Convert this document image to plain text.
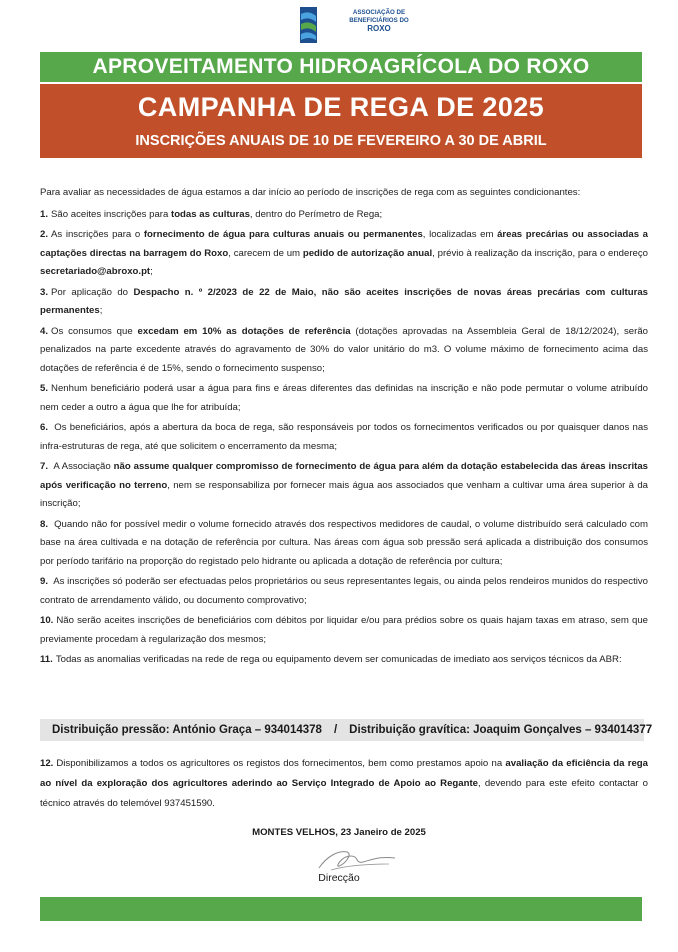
ASSOCIAÇÃO DE
BENEFICIÁRIOS DO
ROXO
APROVEITAMENTO HIDROAGRÍCOLA DO ROXO
CAMPANHA DE REGA DE 2025
INSCRIÇÕES ANUAIS DE 10 DE FEVEREIRO A 30 DE ABRIL

Para avaliar as necessidades de água estamos a dar início ao período de inscrições de rega com as seguintes condicionantes:

1. São aceites inscrições para todas as culturas, dentro do Perímetro de Rega;

2. As inscrições para o fornecimento de água para culturas anuais ou permanentes, localizadas em áreas precárias ou associadas a captações directas na barragem do Roxo, carecem de um pedido de autorização anual, prévio à realização da inscrição, para o endereço secretariado@abroxo.pt;

3. Por aplicação do Despacho n. º 2/2023 de 22 de Maio, não são aceites inscrições de novas áreas precárias com culturas permanentes;

4. Os consumos que excedam em 10% as dotações de referência (dotações aprovadas na Assembleia Geral de 18/12/2024), serão penalizados na parte excedente através do agravamento de 30% do valor unitário do m3. O volume máximo de fornecimento acima das dotações de referência é de 15%, sendo o fornecimento suspenso;

5. Nenhum beneficiário poderá usar a água para fins e áreas diferentes das definidas na inscrição e não pode permutar o volume atribuído nem ceder a outro a água que lhe for atribuída;

6. Os beneficiários, após a abertura da boca de rega, são responsáveis por todos os fornecimentos verificados ou por quaisquer danos nas infra-estruturas de rega, até que solicitem o encerramento da mesma;

7. A Associação não assume qualquer compromisso de fornecimento de água para além da dotação estabelecida das áreas inscritas após verificação no terreno, nem se responsabiliza por fornecer mais água aos associados que venham a cultivar uma área superior à da inscrição;

8. Quando não for possível medir o volume fornecido através dos respectivos medidores de caudal, o volume distribuído será calculado com base na área cultivada e na dotação de referência por cultura. Nas áreas com água sob pressão será aplicada a distribuição dos consumos por período tarifário na proporção do registado pelo hidrante ou aplicada a dotação de referência por cultura;

9. As inscrições só poderão ser efectuadas pelos proprietários ou seus representantes legais, ou ainda pelos rendeiros munidos do respectivo contrato de arrendamento válido, ou documento comprovativo;

10. Não serão aceites inscrições de beneficiários com débitos por liquidar e/ou para prédios sobre os quais hajam taxas em atraso, sem que previamente procedam à regularização dos mesmos;

11. Todas as anomalias verificadas na rede de rega ou equipamento devem ser comunicadas de imediato aos serviços técnicos da ABR:

Distribuição pressão: António Graça – 934014378 / Distribuição gravítica: Joaquim Gonçalves – 934014377

12. Disponibilizamos a todos os agricultores os registos dos fornecimentos, bem como prestamos apoio na avaliação da eficiência da rega ao nível da exploração dos agricultores aderindo ao Serviço Integrado de Apoio ao Regante, devendo para este efeito contactar o técnico através do telemóvel 937451590.

MONTES VELHOS, 23 Janeiro de 2025
Direcção
